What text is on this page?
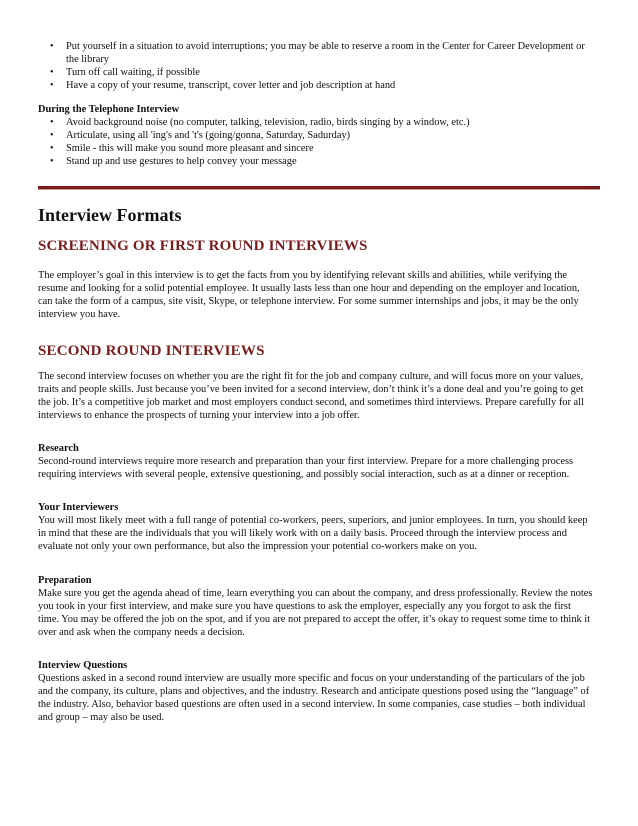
• Put yourself in a situation to avoid interruptions; you may be able to reserve a room in the Center for Career Development or the library
• Turn off call waiting, if possible
• Have a copy of your resume, transcript, cover letter and job description at hand

During the Telephone Interview

• Avoid background noise (no computer, talking, television, radio, birds singing by a window, etc.)
• Articulate, using all 'ing's and 't's (going/gonna, Saturday, Sadurday)
• Smile - this will make you sound more pleasant and sincere
• Stand up and use gestures to help convey your message
Interview Formats
SCREENING OR FIRST ROUND INTERVIEWS

The employer’s goal in this interview is to get the facts from you by identifying relevant skills and abilities, while verifying the resume and looking for a solid potential employee. It usually lasts less than one hour and depending on the employer and location, can take the form of a campus, site visit, Skype, or telephone interview. For some summer internships and jobs, it may be the only interview you have.

SECOND ROUND INTERVIEWS

The second interview focuses on whether you are the right fit for the job and company culture, and will focus more on your values, traits and people skills. Just because you’ve been invited for a second interview, don’t think it’s a done deal and you’re going to get the job. It’s a competitive job market and most employers conduct second, and sometimes third interviews. Prepare carefully for all interviews to enhance the prospects of turning your interview into a job offer.

Research

Second-round interviews require more research and preparation than your first interview. Prepare for a more challenging process requiring interviews with several people, extensive questioning, and possibly social interaction, such as at a dinner or reception.

Your Interviewers

You will most likely meet with a full range of potential co-workers, peers, superiors, and junior employees. In turn, you should keep in mind that these are the individuals that you will likely work with on a daily basis. Proceed through the interview process and evaluate not only your own performance, but also the impression your potential co-workers make on you.

Preparation

Make sure you get the agenda ahead of time, learn everything you can about the company, and dress professionally. Review the notes you took in your first interview, and make sure you have questions to ask the employer, especially any you forgot to ask the first time. You may be offered the job on the spot, and if you are not prepared to accept the offer, it’s okay to request some time to think it over and ask when the company needs a decision.

Interview Questions

Questions asked in a second round interview are usually more specific and focus on your understanding of the particulars of the job and the company, its culture, plans and objectives, and the industry. Research and anticipate questions posed using the “language” of the industry. Also, behavior based questions are often used in a second interview. In some companies, case studies – both individual and group – may also be used.
